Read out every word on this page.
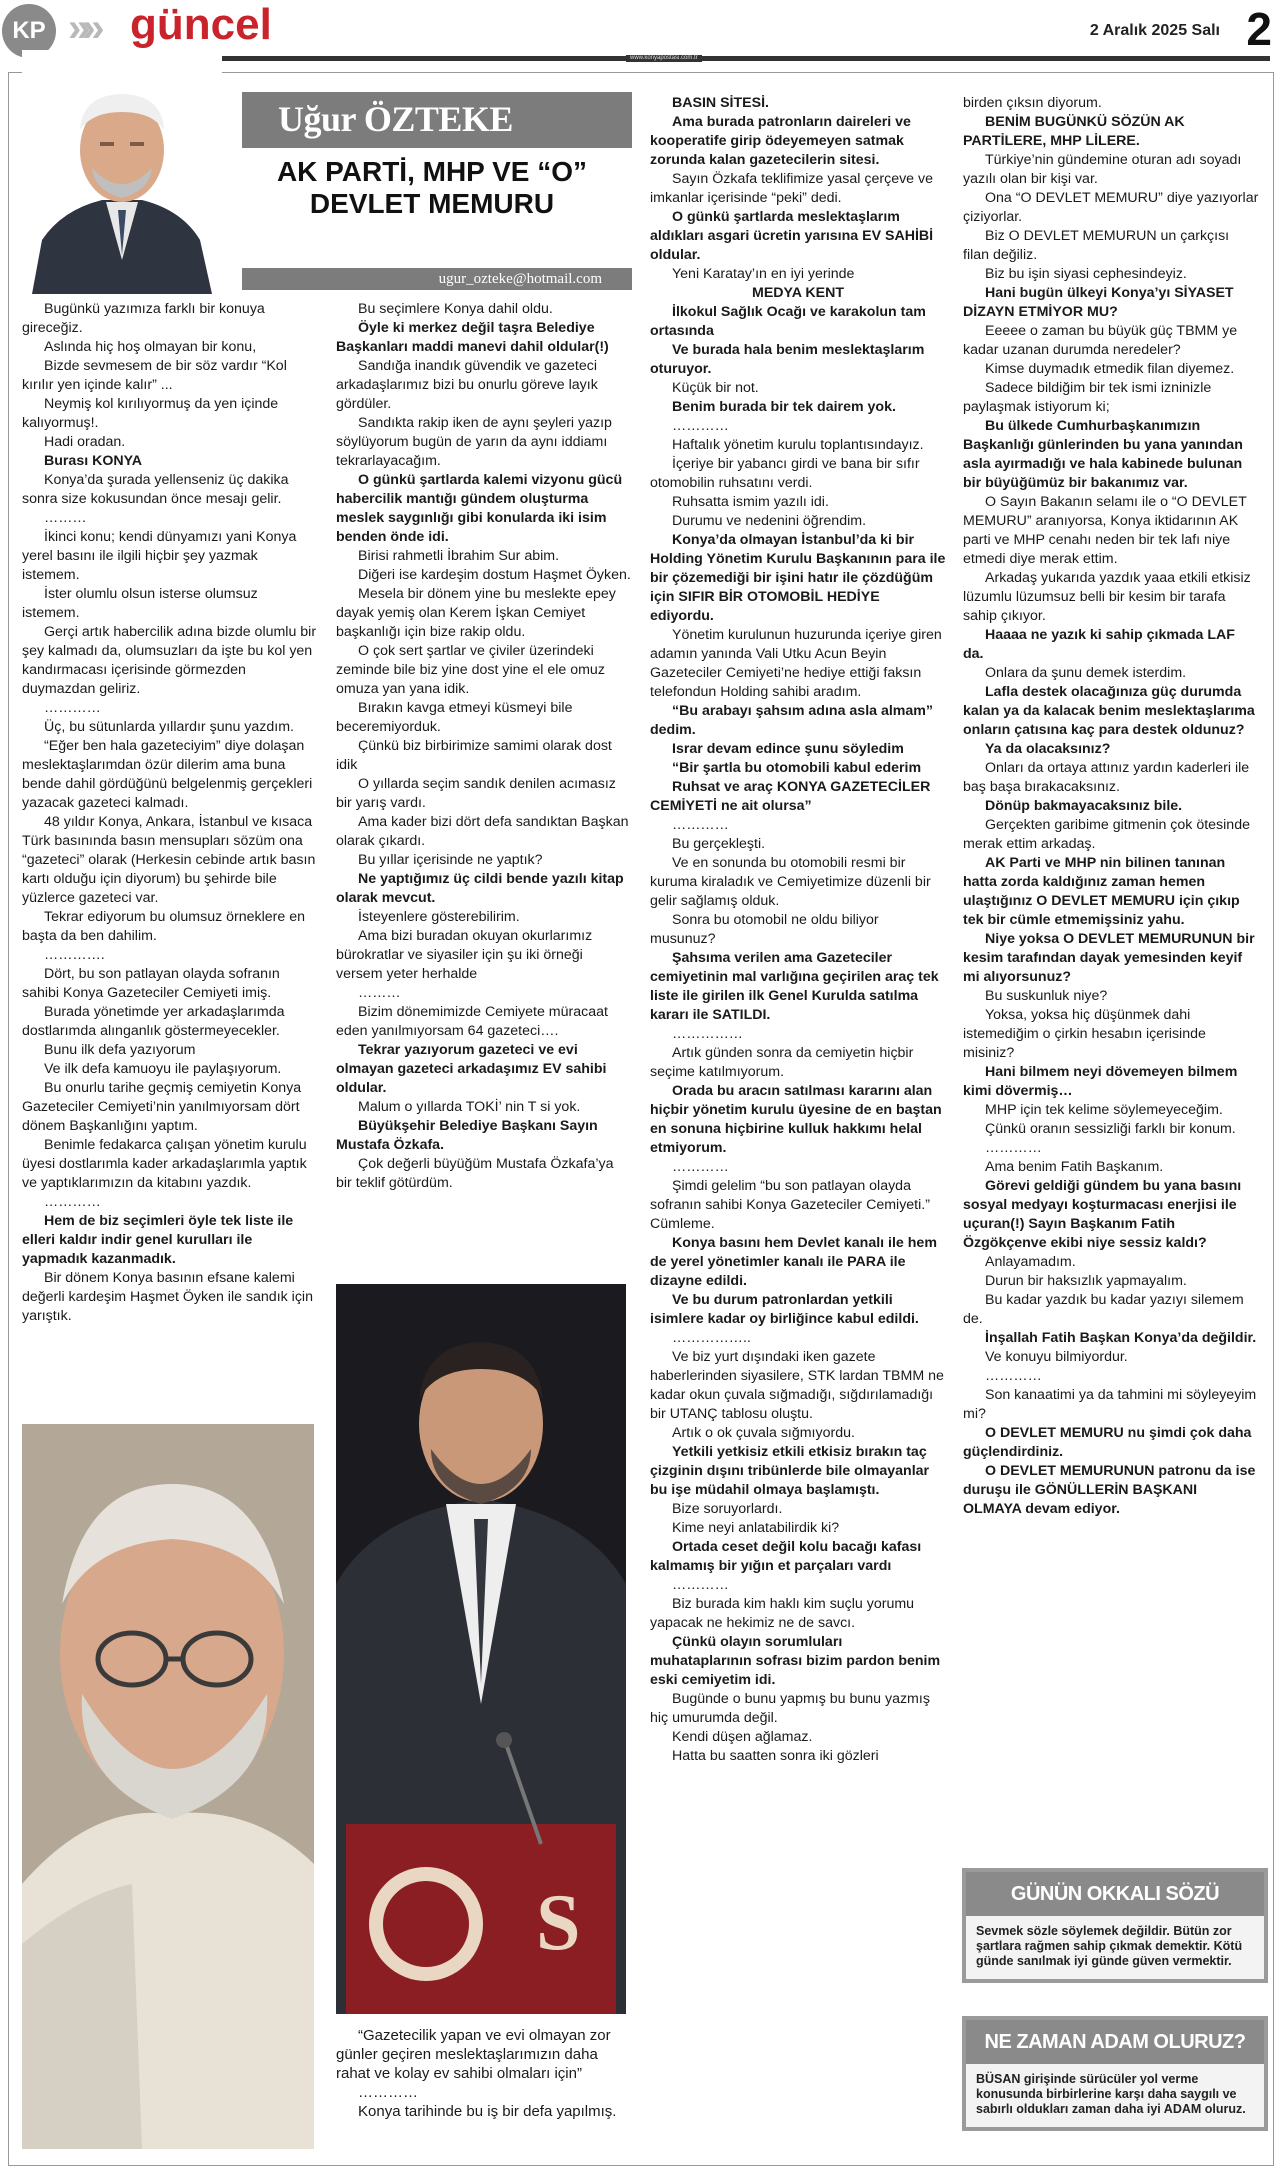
KP »» güncel	2 Aralık 2025 Salı 2
www.konyapostasi.com.tr
Uğur ÖZTEKE
AK PARTİ, MHP VE “O” DEVLET MEMURU
ugur_ozteke@hotmail.com

Bugünkü yazımıza farklı bir konuya gireceğiz.

Aslında hiç hoş olmayan bir konu,

Bizde sevmesem de bir söz vardır “Kol kırılır yen içinde kalır” ...

Neymiş kol kırılıyormuş da yen içinde kalıyormuş!.

Hadi oradan.

Burası KONYA

Konya’da şurada yellenseniz üç dakika sonra size kokusundan önce mesajı gelir.

………

İkinci konu; kendi dünyamızı yani Konya yerel basını ile ilgili hiçbir şey yazmak istemem.

İster olumlu olsun isterse olumsuz istemem.

Gerçi artık habercilik adına bizde olumlu bir şey kalmadı da, olumsuzları da işte bu kol yen kandırmacası içerisinde görmezden duymazdan geliriz.

…………

Üç, bu sütunlarda yıllardır şunu yazdım.

“Eğer ben hala gazeteciyim” diye dolaşan meslektaşlarımdan özür dilerim ama buna bende dahil gördüğünü belgelenmiş gerçekleri yazacak gazeteci kalmadı.

48 yıldır Konya, Ankara, İstanbul ve kısaca Türk basınında basın mensupları sözüm ona “gazeteci” olarak (Herkesin cebinde artık basın kartı olduğu için diyorum) bu şehirde bile yüzlerce gazeteci var.

Tekrar ediyorum bu olumsuz örneklere en başta da ben dahilim.

………….

Dört, bu son patlayan olayda sofranın sahibi Konya Gazeteciler Cemiyeti imiş.

Burada yönetimde yer arkadaşlarımda dostlarımda alınganlık göstermeyecekler.

Bunu ilk defa yazıyorum

Ve ilk defa kamuoyu ile paylaşıyorum.

Bu onurlu tarihe geçmiş cemiyetin Konya Gazeteciler Cemiyeti’nin yanılmıyorsam dört dönem Başkanlığını yaptım.

Benimle fedakarca çalışan yönetim kurulu üyesi dostlarımla kader arkadaşlarımla yaptık ve yaptıklarımızın da kitabını yazdık.

…………

Hem de biz seçimleri öyle tek liste ile elleri kaldır indir genel kurulları ile yapmadık kazanmadık.

Bir dönem Konya basının efsane kalemi değerli kardeşim Haşmet Öyken ile sandık için yarıştık.

Bu seçimlere Konya dahil oldu.

Öyle ki merkez değil taşra Belediye Başkanları maddi manevi dahil oldular(!)

Sandığa inandık güvendik ve gazeteci arkadaşlarımız bizi bu onurlu göreve layık gördüler.

Sandıkta rakip iken de aynı şeyleri yazıp söylüyorum bugün de yarın da aynı iddiamı tekrarlayacağım.

O günkü şartlarda kalemi vizyonu gücü habercilik mantığı gündem oluşturma meslek saygınlığı gibi konularda iki isim benden önde idi.

Birisi rahmetli İbrahim Sur abim.

Diğeri ise kardeşim dostum Haşmet Öyken.

Mesela bir dönem yine bu meslekte epey dayak yemiş olan Kerem İşkan Cemiyet başkanlığı için bize rakip oldu.

O çok sert şartlar ve çiviler üzerindeki zeminde bile biz yine dost yine el ele omuz omuza yan yana idik.

Bırakın kavga etmeyi küsmeyi bile beceremiyorduk.

Çünkü biz birbirimize samimi olarak dost idik

O yıllarda seçim sandık denilen acımasız bir yarış vardı.

Ama kader bizi dört defa sandıktan Başkan olarak çıkardı.

Bu yıllar içerisinde ne yaptık?

Ne yaptığımız üç cildi bende yazılı kitap olarak mevcut.

İsteyenlere gösterebilirim.

Ama bizi buradan okuyan okurlarımız bürokratlar ve siyasiler için şu iki örneği versem yeter herhalde

………

Bizim dönemimizde Cemiyete müracaat eden yanılmıyorsam 64 gazeteci….

Tekrar yazıyorum gazeteci ve evi olmayan gazeteci arkadaşımız EV sahibi oldular.

Malum o yıllarda TOKİ’ nin T si yok.

Büyükşehir Belediye Başkanı Sayın Mustafa Özkafa.

Çok değerli büyüğüm Mustafa Özkafa’ya bir teklif götürdüm.

BASIN SİTESİ.

Ama burada patronların daireleri ve kooperatife girip ödeyemeyen satmak zorunda kalan gazetecilerin sitesi.

Sayın Özkafa teklifimize yasal çerçeve ve imkanlar içerisinde “peki” dedi.

O günkü şartlarda meslektaşlarım aldıkları asgari ücretin yarısına EV SAHİBİ oldular.

Yeni Karatay’ın en iyi yerinde

MEDYA KENT

İlkokul Sağlık Ocağı ve karakolun tam ortasında

Ve burada hala benim meslektaşlarım oturuyor.

Küçük bir not.

Benim burada bir tek dairem yok.

…………

Haftalık yönetim kurulu toplantısındayız.

İçeriye bir yabancı girdi ve bana bir sıfır otomobilin ruhsatını verdi.

Ruhsatta ismim yazılı idi.

Durumu ve nedenini öğrendim.

Konya’da olmayan İstanbul’da ki bir Holding Yönetim Kurulu Başkanının para ile bir çözemediği bir işini hatır ile çözdüğüm için SIFIR BİR OTOMOBİL HEDİYE ediyordu.

Yönetim kurulunun huzurunda içeriye giren adamın yanında Vali Utku Acun Beyin Gazeteciler Cemiyeti’ne hediye ettiği faksın telefondun Holding sahibi aradım.

“Bu arabayı şahsım adına asla almam” dedim.

Israr devam edince şunu söyledim

“Bir şartla bu otomobili kabul ederim

Ruhsat ve araç KONYA GAZETECİLER CEMİYETİ ne ait olursa”

…………

Bu gerçekleşti.

Ve en sonunda bu otomobili resmi bir kuruma kiraladık ve Cemiyetimize düzenli bir gelir sağlamış olduk.

Sonra bu otomobil ne oldu biliyor musunuz?

Şahsıma verilen ama Gazeteciler cemiyetinin mal varlığına geçirilen araç tek liste ile girilen ilk Genel Kurulda satılma kararı ile SATILDI.

……………

Artık günden sonra da cemiyetin hiçbir seçime katılmıyorum.

Orada bu aracın satılması kararını alan hiçbir yönetim kurulu üyesine de en baştan en sonuna hiçbirine kulluk hakkımı helal etmiyorum.

…………

Şimdi gelelim “bu son patlayan olayda sofranın sahibi Konya Gazeteciler Cemiyeti.” Cümleme.

Konya basını hem Devlet kanalı ile hem de yerel yönetimler kanalı ile PARA ile dizayne edildi.

Ve bu durum patronlardan yetkili isimlere kadar oy birliğince kabul edildi.

……………..

Ve biz yurt dışındaki iken gazete haberlerinden siyasilere, STK lardan TBMM ne kadar okun çuvala sığmadığı, sığdırılamadığı bir UTANÇ tablosu oluştu.

Artık o ok çuvala sığmıyordu.

Yetkili yetkisiz etkili etkisiz bırakın taç çizginin dışını tribünlerde bile olmayanlar bu işe müdahil olmaya başlamıştı.

Bize soruyorlardı.

Kime neyi anlatabilirdik ki?

Ortada ceset değil kolu bacağı kafası kalmamış bir yığın et parçaları vardı

…………

Biz burada kim haklı kim suçlu yorumu yapacak ne hekimiz ne de savcı.

Çünkü olayın sorumluları muhataplarının sofrası bizim pardon benim eski cemiyetim idi.

Bugünde o bunu yapmış bu bunu yazmış hiç umurumda değil.

Kendi düşen ağlamaz.

Hatta bu saatten sonra iki gözleri

birden çıksın diyorum.

BENİM BUGÜNKÜ SÖZÜN AK PARTİLERE, MHP LİLERE.

Türkiye’nin gündemine oturan adı soyadı yazılı olan bir kişi var.

Ona “O DEVLET MEMURU” diye yazıyorlar çiziyorlar.

Biz O DEVLET MEMURUN un çarkçısı filan değiliz.

Biz bu işin siyasi cephesindeyiz.

Hani bugün ülkeyi Konya’yı SİYASET DİZAYN ETMİYOR MU?

Eeeee o zaman bu büyük güç TBMM ye kadar uzanan durumda neredeler?

Kimse duymadık etmedik filan diyemez.

Sadece bildiğim bir tek ismi izninizle paylaşmak istiyorum ki;

Bu ülkede Cumhurbaşkanımızın Başkanlığı günlerinden bu yana yanından asla ayırmadığı ve hala kabinede bulunan bir büyüğümüz bir bakanımız var.

O Sayın Bakanın selamı ile o “O DEVLET MEMURU” aranıyorsa, Konya iktidarının AK parti ve MHP cenahı neden bir tek lafı niye etmedi diye merak ettim.

Arkadaş yukarıda yazdık yaaa etkili etkisiz lüzumlu lüzumsuz belli bir kesim bir tarafa sahip çıkıyor.

Haaaa ne yazık ki sahip çıkmada LAF da.

Onlara da şunu demek isterdim.

Lafla destek olacağınıza güç durumda kalan ya da kalacak benim meslektaşlarıma onların çatısına kaç para destek oldunuz?

Ya da olacaksınız?

Onları da ortaya attınız yardın kaderleri ile baş başa bırakacaksınız.

Dönüp bakmayacaksınız bile.

Gerçekten garibime gitmenin çok ötesinde merak ettim arkadaş.

AK Parti ve MHP nin bilinen tanınan hatta zorda kaldığınız zaman hemen ulaştığınız O DEVLET MEMURU için çıkıp tek bir cümle etmemişsiniz yahu.

Niye yoksa O DEVLET MEMURUNUN bir kesim tarafından dayak yemesinden keyif mi alıyorsunuz?

Bu suskunluk niye?

Yoksa, yoksa hiç düşünmek dahi istemediğim o çirkin hesabın içerisinde misiniz?

Hani bilmem neyi dövemeyen bilmem kimi dövermiş…

MHP için tek kelime söylemeyeceğim.

Çünkü oranın sessizliği farklı bir konum.

…………

Ama benim Fatih Başkanım.

Görevi geldiği gündem bu yana basını sosyal medyayı koşturmacası enerjisi ile uçuran(!) Sayın Başkanım Fatih Özgökçenve ekibi niye sessiz kaldı?

Anlayamadım.

Durun bir haksızlık yapmayalım.

Bu kadar yazdık bu kadar yazıyı silemem de.

İnşallah Fatih Başkan Konya’da değildir.

Ve konuyu bilmiyordur.

…………

Son kanaatimi ya da tahmini mi söyleyeyim mi?

O DEVLET MEMURU nu şimdi çok daha güçlendirdiniz.

O DEVLET MEMURUNUN patronu da ise duruşu ile GÖNÜLLERİN BAŞKANI OLMAYA devam ediyor.

S

“Gazetecilik yapan ve evi olmayan zor günler geçiren meslektaşlarımızın daha rahat ve kolay ev sahibi olmaları için”

…………

Konya tarihinde bu iş bir defa yapılmış.

GÜNÜN OKKALI SÖZÜ
Sevmek sözle söylemek değildir. Bütün zor şartlara rağmen sahip çıkmak demektir. Kötü günde sanılmak iyi günde güven vermektir.
NE ZAMAN ADAM OLURUZ?
BÜSAN girişinde sürücüler yol verme konusunda birbirlerine karşı daha saygılı ve sabırlı oldukları zaman daha iyi ADAM oluruz.
